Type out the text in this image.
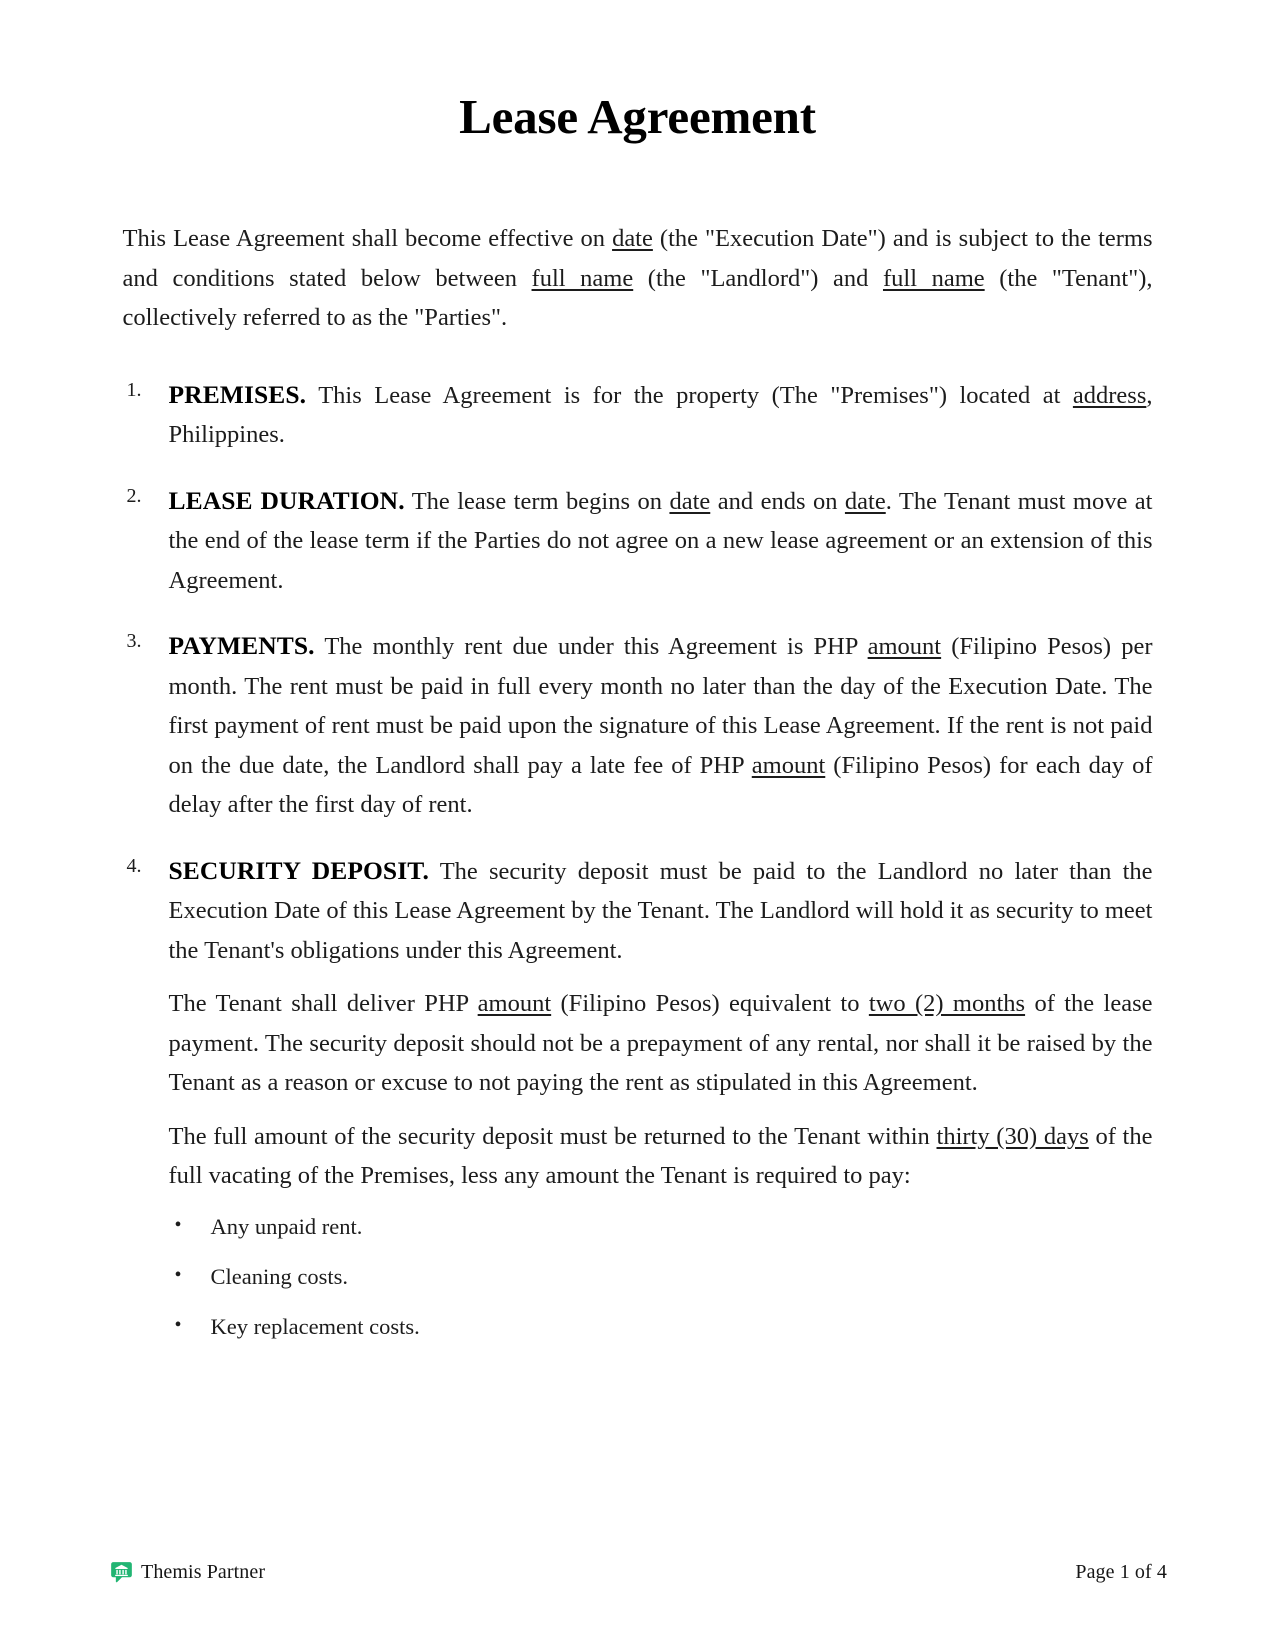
Lease Agreement

This Lease Agreement shall become effective on date (the "Execution Date") and is subject to the terms and conditions stated below between full name (the "Landlord") and full name (the "Tenant"), collectively referred to as the "Parties".

PREMISES. This Lease Agreement is for the property (The "Premises") located at address, Philippines.

LEASE DURATION. The lease term begins on date and ends on date. The Tenant must move at the end of the lease term if the Parties do not agree on a new lease agreement or an extension of this Agreement.

PAYMENTS. The monthly rent due under this Agreement is PHP amount (Filipino Pesos) per month. The rent must be paid in full every month no later than the day of the Execution Date. The first payment of rent must be paid upon the signature of this Lease Agreement. If the rent is not paid on the due date, the Landlord shall pay a late fee of PHP amount (Filipino Pesos) for each day of delay after the first day of rent.

SECURITY DEPOSIT. The security deposit must be paid to the Landlord no later than the Execution Date of this Lease Agreement by the Tenant. The Landlord will hold it as security to meet the Tenant's obligations under this Agreement.

The Tenant shall deliver PHP amount (Filipino Pesos) equivalent to two (2) months of the lease payment. The security deposit should not be a prepayment of any rental, nor shall it be raised by the Tenant as a reason or excuse to not paying the rent as stipulated in this Agreement.

The full amount of the security deposit must be returned to the Tenant within thirty (30) days of the full vacating of the Premises, less any amount the Tenant is required to pay:

• Any unpaid rent.
• Cleaning costs.
• Key replacement costs.
Themis Partner	Page 1 of 4
